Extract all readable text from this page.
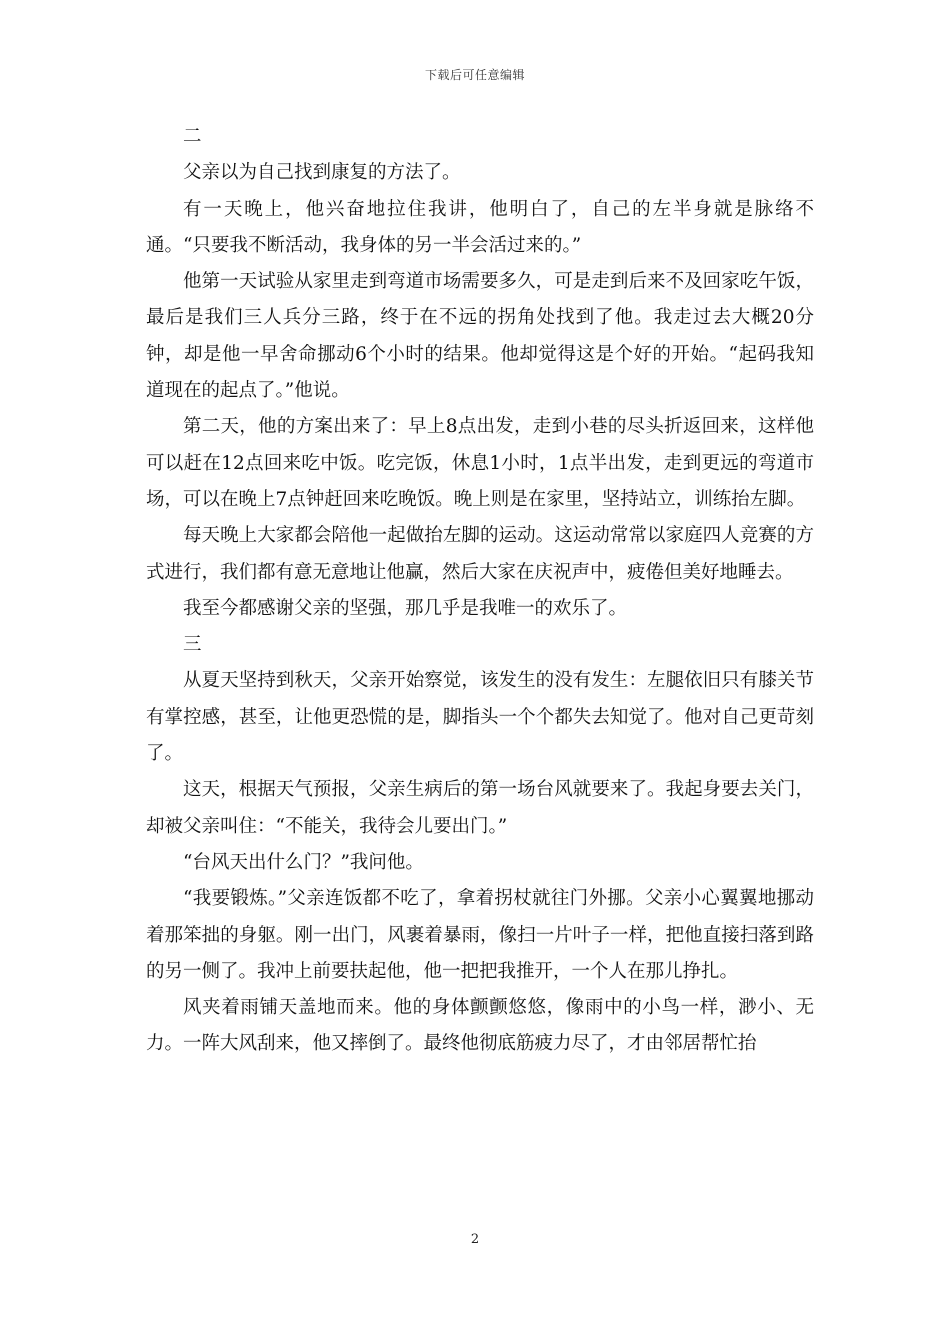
下载后可任意编辑

二

父亲以为自己找到康复的方法了。

有一天晚上，他兴奋地拉住我讲，他明白了，自己的左半身就是脉络不通。“只要我不断活动，我身体的另一半会活过来的。”

他第一天试验从家里走到弯道市场需要多久，可是走到后来不及回家吃午饭，最后是我们三人兵分三路，终于在不远的拐角处找到了他。我走过去大概20分钟，却是他一早舍命挪动6个小时的结果。他却觉得这是个好的开始。“起码我知道现在的起点了。”他说。

第二天，他的方案出来了：早上8点出发，走到小巷的尽头折返回来，这样他可以赶在12点回来吃中饭。吃完饭，休息1小时，1点半出发，走到更远的弯道市场，可以在晚上7点钟赶回来吃晚饭。晚上则是在家里，坚持站立，训练抬左脚。

每天晚上大家都会陪他一起做抬左脚的运动。这运动常常以家庭四人竞赛的方式进行，我们都有意无意地让他赢，然后大家在庆祝声中，疲倦但美好地睡去。

我至今都感谢父亲的坚强，那几乎是我唯一的欢乐了。

三

从夏天坚持到秋天，父亲开始察觉，该发生的没有发生：左腿依旧只有膝关节有掌控感，甚至，让他更恐慌的是，脚指头一个个都失去知觉了。他对自己更苛刻了。

这天，根据天气预报，父亲生病后的第一场台风就要来了。我起身要去关门，却被父亲叫住：“不能关，我待会儿要出门。”

“台风天出什么门？”我问他。

“我要锻炼。”父亲连饭都不吃了，拿着拐杖就往门外挪。父亲小心翼翼地挪动着那笨拙的身躯。刚一出门，风裹着暴雨，像扫一片叶子一样，把他直接扫落到路的另一侧了。我冲上前要扶起他，他一把把我推开，一个人在那儿挣扎。

风夹着雨铺天盖地而来。他的身体颤颤悠悠，像雨中的小鸟一样，渺小、无力。一阵大风刮来，他又摔倒了。最终他彻底筋疲力尽了，才由邻居帮忙抬

2
